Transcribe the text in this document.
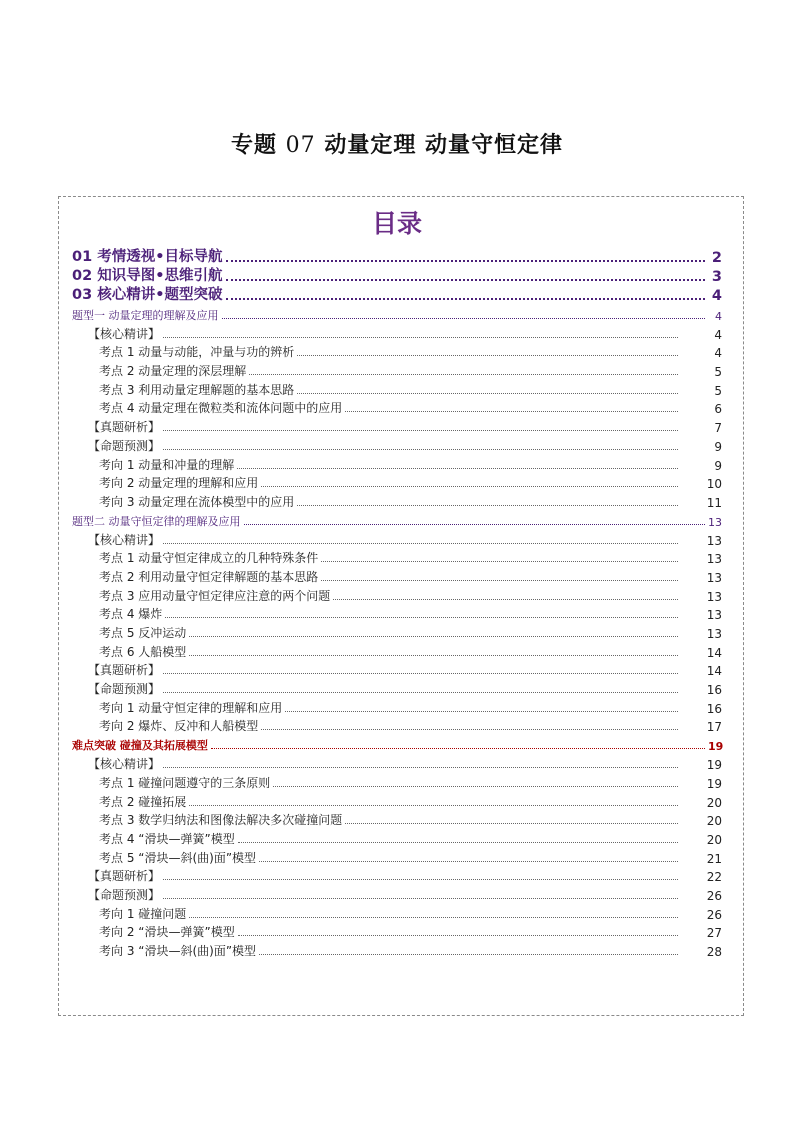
专题 07 动量定理 动量守恒定律
目录
01 考情透视•目标导航	2
02 知识导图•思维引航	3
03 核心精讲•题型突破	4
题型一 动量定理的理解及应用	4
【核心精讲】	4
考点 1 动量与动能，冲量与功的辨析	4
考点 2 动量定理的深层理解	5
考点 3 利用动量定理解题的基本思路	5
考点 4 动量定理在微粒类和流体问题中的应用	6
【真题研析】	7
【命题预测】	9
考向 1 动量和冲量的理解	9
考向 2 动量定理的理解和应用	10
考向 3 动量定理在流体模型中的应用	11
题型二 动量守恒定律的理解及应用	13
【核心精讲】	13
考点 1 动量守恒定律成立的几种特殊条件	13
考点 2 利用动量守恒定律解题的基本思路	13
考点 3 应用动量守恒定律应注意的两个问题	13
考点 4 爆炸	13
考点 5 反冲运动	13
考点 6 人船模型	14
【真题研析】	14
【命题预测】	16
考向 1 动量守恒定律的理解和应用	16
考向 2 爆炸、反冲和人船模型	17
难点突破 碰撞及其拓展模型	19
【核心精讲】	19
考点 1 碰撞问题遵守的三条原则	19
考点 2 碰撞拓展	20
考点 3 数学归纳法和图像法解决多次碰撞问题	20
考点 4 “滑块—弹簧”模型	20
考点 5 “滑块—斜(曲)面”模型	21
【真题研析】	22
【命题预测】	26
考向 1 碰撞问题	26
考向 2 “滑块—弹簧”模型	27
考向 3 “滑块—斜(曲)面”模型	28
